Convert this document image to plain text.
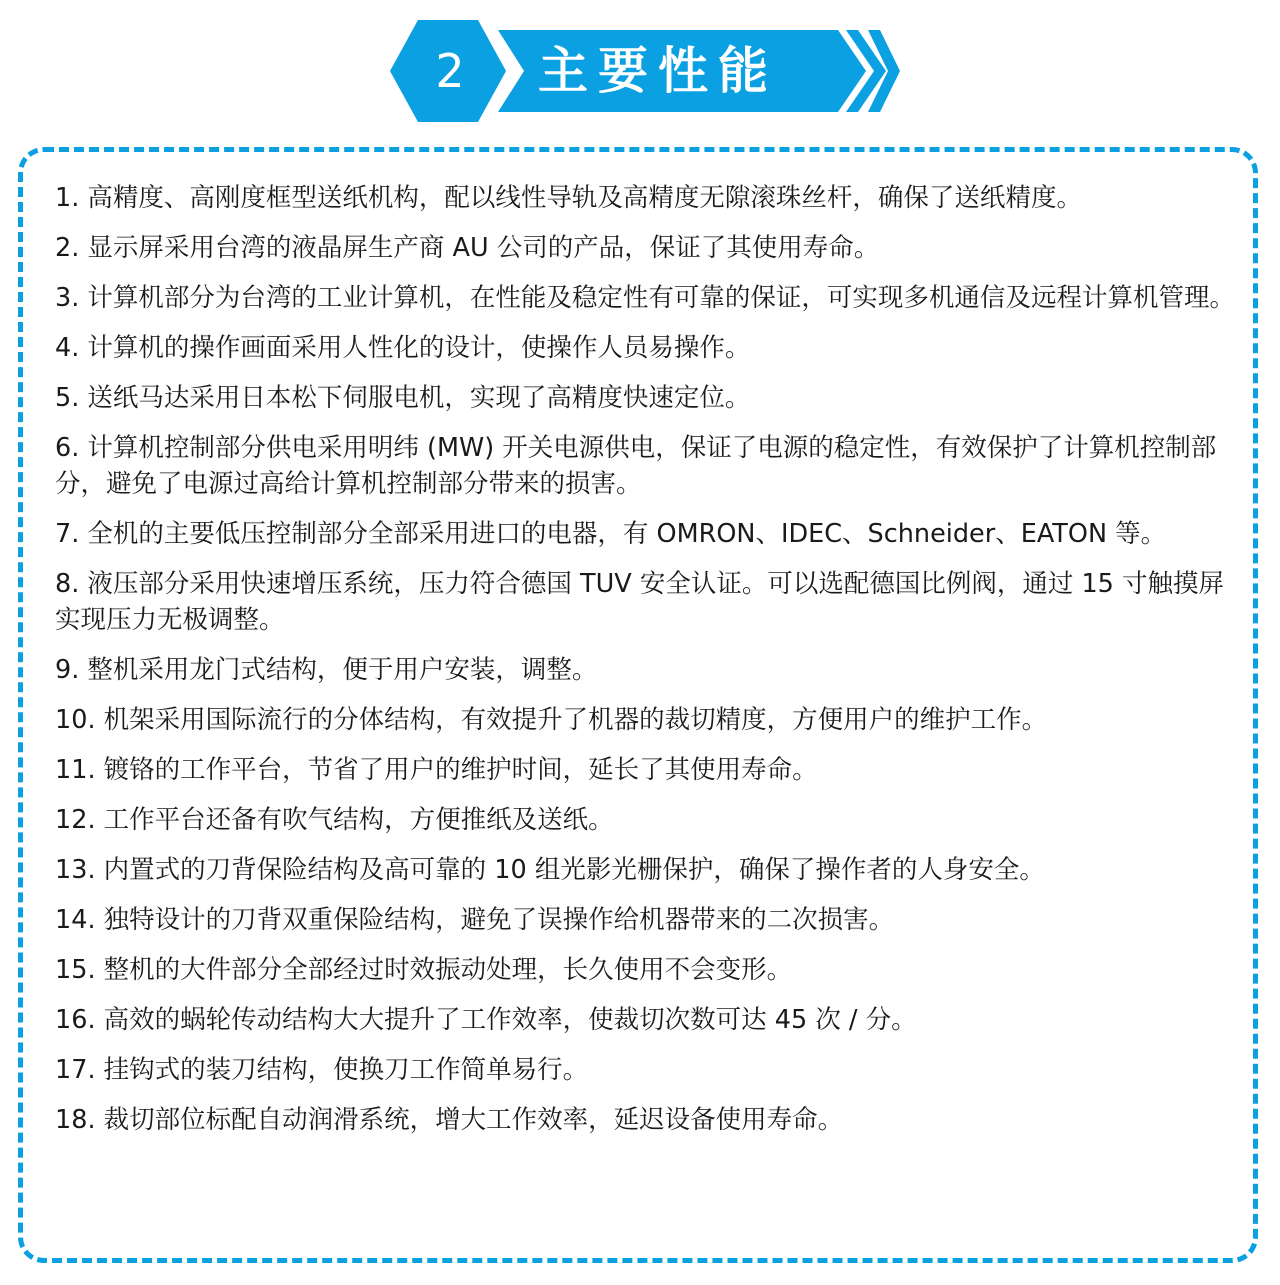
2	主要性能
1. 高精度、高刚度框型送纸机构，配以线性导轨及高精度无隙滚珠丝杆，确保了送纸精度。
2. 显示屏采用台湾的液晶屏生产商 AU 公司的产品，保证了其使用寿命。
3. 计算机部分为台湾的工业计算机，在性能及稳定性有可靠的保证，可实现多机通信及远程计算机管理。
4. 计算机的操作画面采用人性化的设计，使操作人员易操作。
5. 送纸马达采用日本松下伺服电机，实现了高精度快速定位。
6. 计算机控制部分供电采用明纬 (MW) 开关电源供电，保证了电源的稳定性，有效保护了计算机控制部分，避免了电源过高给计算机控制部分带来的损害。
7. 全机的主要低压控制部分全部采用进口的电器，有 OMRON、IDEC、Schneider、EATON 等。
8. 液压部分采用快速增压系统，压力符合德国 TUV 安全认证。可以选配德国比例阀，通过 15 寸触摸屏实现压力无极调整。
9. 整机采用龙门式结构，便于用户安装，调整。
10. 机架采用国际流行的分体结构，有效提升了机器的裁切精度，方便用户的维护工作。
11. 镀铬的工作平台，节省了用户的维护时间，延长了其使用寿命。
12. 工作平台还备有吹气结构，方便推纸及送纸。
13. 内置式的刀背保险结构及高可靠的 10 组光影光栅保护，确保了操作者的人身安全。
14. 独特设计的刀背双重保险结构，避免了误操作给机器带来的二次损害。
15. 整机的大件部分全部经过时效振动处理，长久使用不会变形。
16. 高效的蜗轮传动结构大大提升了工作效率，使裁切次数可达 45 次 / 分。
17. 挂钩式的装刀结构，使换刀工作简单易行。
18. 裁切部位标配自动润滑系统，增大工作效率，延迟设备使用寿命。
